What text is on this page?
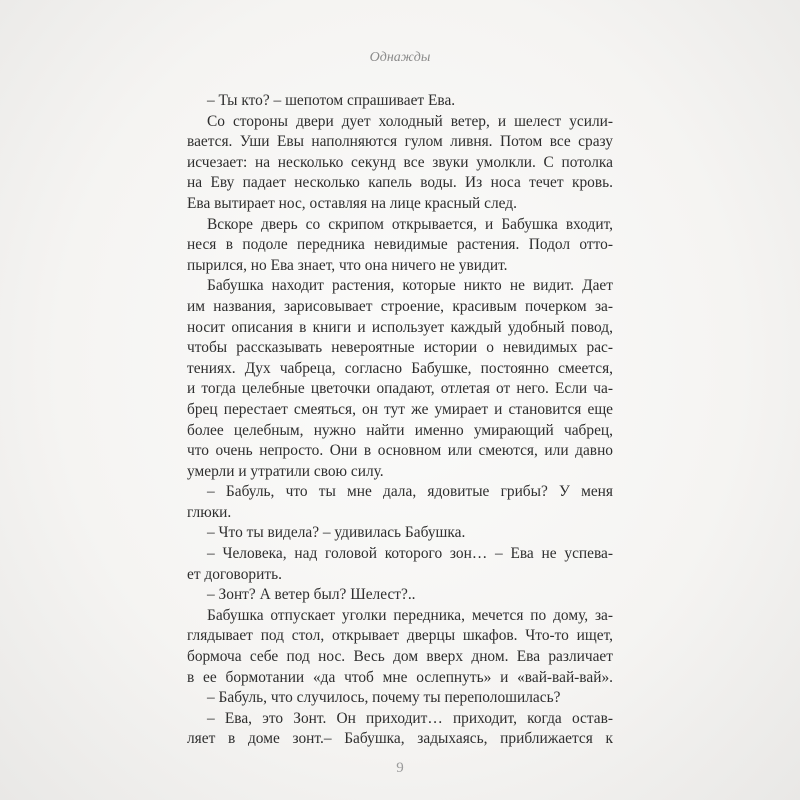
Однажды
– Ты кто? – шепотом спрашивает Ева.
Со стороны двери дует холодный ветер, и шелест усили-
вается. Уши Евы наполняются гулом ливня. Потом все сразу
исчезает: на несколько секунд все звуки умолкли. С потолка
на Еву падает несколько капель воды. Из носа течет кровь.
Ева вытирает нос, оставляя на лице красный след.
Вскоре дверь со скрипом открывается, и Бабушка входит,
неся в подоле передника невидимые растения. Подол отто-
пырился, но Ева знает, что она ничего не увидит.
Бабушка находит растения, которые никто не видит. Дает
им названия, зарисовывает строение, красивым почерком за-
носит описания в книги и использует каждый удобный повод,
чтобы рассказывать невероятные истории о невидимых рас-
тениях. Дух чабреца, согласно Бабушке, постоянно смеется,
и тогда целебные цветочки опадают, отлетая от него. Если ча-
брец перестает смеяться, он тут же умирает и становится еще
более целебным, нужно найти именно умирающий чабрец,
что очень непросто. Они в основном или смеются, или давно
умерли и утратили свою силу.
– Бабуль, что ты мне дала, ядовитые грибы? У меня
глюки.
– Что ты видела? – удивилась Бабушка.
– Человека, над головой которого зон… – Ева не успева-
ет договорить.
– Зонт? А ветер был? Шелест?..
Бабушка отпускает уголки передника, мечется по дому, за-
глядывает под стол, открывает дверцы шкафов. Что-то ищет,
бормоча себе под нос. Весь дом вверх дном. Ева различает
в ее бормотании «да чтоб мне ослепнуть» и «вай-вай-вай».
– Бабуль, что случилось, почему ты переполошилась?
– Ева, это Зонт. Он приходит… приходит, когда остав-
ляет в доме зонт.– Бабушка, задыхаясь, приближается к
9
